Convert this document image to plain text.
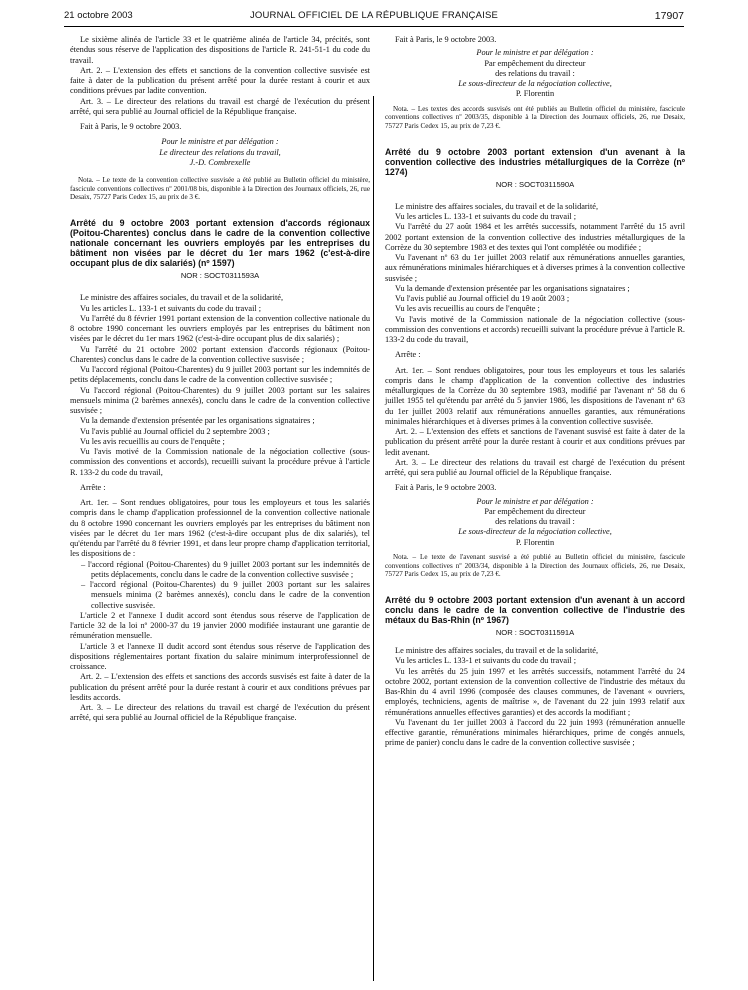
21 octobre 2003	JOURNAL OFFICIEL DE LA RÉPUBLIQUE FRANÇAISE	17907

Le sixième alinéa de l'article 33 et le quatrième alinéa de l'article 34, précités, sont étendus sous réserve de l'application des dispositions de l'article R. 241-51-1 du code du travail.

Art. 2. – L'extension des effets et sanctions de la convention collective susvisée est faite à dater de la publication du présent arrêté pour la durée restant à courir et aux conditions prévues par ladite convention.

Art. 3. – Le directeur des relations du travail est chargé de l'exécution du présent arrêté, qui sera publié au Journal officiel de la République française.

Fait à Paris, le 9 octobre 2003.

Pour le ministre et par délégation :

Le directeur des relations du travail,

J.-D. Combrexelle

Nota. – Le texte de la convention collective susvisée a été publié au Bulletin officiel du ministère, fascicule conventions collectives nº 2001/08 bis, disponible à la Direction des Journaux officiels, 26, rue Desaix, 75727 Paris Cedex 15, au prix de 3 €.

Arrêté du 9 octobre 2003 portant extension d'accords régionaux (Poitou-Charentes) conclus dans le cadre de la convention collective nationale concernant les ouvriers employés par les entreprises du bâtiment non visées par le décret du 1er mars 1962 (c'est-à-dire occupant plus de dix salariés) (nº 1597)

NOR : SOCT0311593A

Le ministre des affaires sociales, du travail et de la solidarité,

Vu les articles L. 133-1 et suivants du code du travail ;

Vu l'arrêté du 8 février 1991 portant extension de la convention collective nationale du 8 octobre 1990 concernant les ouvriers employés par les entreprises du bâtiment non visées par le décret du 1er mars 1962 (c'est-à-dire occupant plus de dix salariés) ;

Vu l'arrêté du 21 octobre 2002 portant extension d'accords régionaux (Poitou-Charentes) conclus dans le cadre de la convention collective susvisée ;

Vu l'accord régional (Poitou-Charentes) du 9 juillet 2003 portant sur les indemnités de petits déplacements, conclu dans le cadre de la convention collective susvisée ;

Vu l'accord régional (Poitou-Charentes) du 9 juillet 2003 portant sur les salaires mensuels minima (2 barèmes annexés), conclu dans le cadre de la convention collective susvisée ;

Vu la demande d'extension présentée par les organisations signataires ;

Vu l'avis publié au Journal officiel du 2 septembre 2003 ;

Vu les avis recueillis au cours de l'enquête ;

Vu l'avis motivé de la Commission nationale de la négociation collective (sous-commission des conventions et accords), recueilli suivant la procédure prévue à l'article R. 133-2 du code du travail,

Arrête :

Art. 1er. – Sont rendues obligatoires, pour tous les employeurs et tous les salariés compris dans le champ d'application professionnel de la convention collective nationale du 8 octobre 1990 concernant les ouvriers employés par les entreprises du bâtiment non visées par le décret du 1er mars 1962 (c'est-à-dire occupant plus de dix salariés), tel qu'étendu par l'arrêté du 8 février 1991, et dans leur propre champ d'application territorial, les dispositions de :

– l'accord régional (Poitou-Charentes) du 9 juillet 2003 portant sur les indemnités de petits déplacements, conclu dans le cadre de la convention collective susvisée ;

– l'accord régional (Poitou-Charentes) du 9 juillet 2003 portant sur les salaires mensuels minima (2 barèmes annexés), conclu dans le cadre de la convention collective susvisée.

L'article 2 et l'annexe I dudit accord sont étendus sous réserve de l'application de l'article 32 de la loi nº 2000-37 du 19 janvier 2000 modifiée instaurant une garantie de rémunération mensuelle.

L'article 3 et l'annexe II dudit accord sont étendus sous réserve de l'application des dispositions réglementaires portant fixation du salaire minimum interprofessionnel de croissance.

Art. 2. – L'extension des effets et sanctions des accords susvisés est faite à dater de la publication du présent arrêté pour la durée restant à courir et aux conditions prévues par lesdits accords.

Art. 3. – Le directeur des relations du travail est chargé de l'exécution du présent arrêté, qui sera publié au Journal officiel de la République française.

Fait à Paris, le 9 octobre 2003.

Pour le ministre et par délégation :

Par empêchement du directeur

des relations du travail :

Le sous-directeur de la négociation collective,

P. Florentin

Nota. – Les textes des accords susvisés ont été publiés au Bulletin officiel du ministère, fascicule conventions collectives nº 2003/35, disponible à la Direction des Journaux officiels, 26, rue Desaix, 75727 Paris Cedex 15, au prix de 7,23 €.

Arrêté du 9 octobre 2003 portant extension d'un avenant à la convention collective des industries métallurgiques de la Corrèze (nº 1274)

NOR : SOCT0311590A

Le ministre des affaires sociales, du travail et de la solidarité,

Vu les articles L. 133-1 et suivants du code du travail ;

Vu l'arrêté du 27 août 1984 et les arrêtés successifs, notamment l'arrêté du 15 avril 2002 portant extension de la convention collective des industries métallurgiques de la Corrèze du 30 septembre 1983 et des textes qui l'ont complétée ou modifiée ;

Vu l'avenant nº 63 du 1er juillet 2003 relatif aux rémunérations annuelles garanties, aux rémunérations minimales hiérarchiques et à diverses primes à la convention collective susvisée ;

Vu la demande d'extension présentée par les organisations signataires ;

Vu l'avis publié au Journal officiel du 19 août 2003 ;

Vu les avis recueillis au cours de l'enquête ;

Vu l'avis motivé de la Commission nationale de la négociation collective (sous-commission des conventions et accords) recueilli suivant la procédure prévue à l'article R. 133-2 du code du travail,

Arrête :

Art. 1er. – Sont rendues obligatoires, pour tous les employeurs et tous les salariés compris dans le champ d'application de la convention collective des industries métallurgiques de la Corrèze du 30 septembre 1983, modifié par l'avenant nº 58 du 6 juillet 1955 tel qu'étendu par arrêté du 5 janvier 1986, les dispositions de l'avenant nº 63 du 1er juillet 2003 relatif aux rémunérations annuelles garanties, aux rémunérations minimales hiérarchiques et à diverses primes à la convention collective susvisée.

Art. 2. – L'extension des effets et sanctions de l'avenant susvisé est faite à dater de la publication du présent arrêté pour la durée restant à courir et aux conditions prévues par ledit avenant.

Art. 3. – Le directeur des relations du travail est chargé de l'exécution du présent arrêté, qui sera publié au Journal officiel de la République française.

Fait à Paris, le 9 octobre 2003.

Pour le ministre et par délégation :

Par empêchement du directeur

des relations du travail :

Le sous-directeur de la négociation collective,

P. Florentin

Nota. – Le texte de l'avenant susvisé a été publié au Bulletin officiel du ministère, fascicule conventions collectives nº 2003/34, disponible à la Direction des Journaux officiels, 26, rue Desaix, 75727 Paris Cedex 15, au prix de 7,23 €.

Arrêté du 9 octobre 2003 portant extension d'un avenant à un accord conclu dans le cadre de la convention collective de l'industrie des métaux du Bas-Rhin (nº 1967)

NOR : SOCT0311591A

Le ministre des affaires sociales, du travail et de la solidarité,

Vu les articles L. 133-1 et suivants du code du travail ;

Vu les arrêtés du 25 juin 1997 et les arrêtés successifs, notamment l'arrêté du 24 octobre 2002, portant extension de la convention collective de l'industrie des métaux du Bas-Rhin du 4 avril 1996 (composée des clauses communes, de l'avenant « ouvriers, employés, techniciens, agents de maîtrise », de l'avenant du 22 juin 1993 relatif aux rémunérations annuelles effectives garanties) et des accords la modifiant ;

Vu l'avenant du 1er juillet 2003 à l'accord du 22 juin 1993 (rémunération annuelle effective garantie, rémunérations minimales hiérarchiques, prime de congés annuels, prime de panier) conclu dans le cadre de la convention collective susvisée ;
